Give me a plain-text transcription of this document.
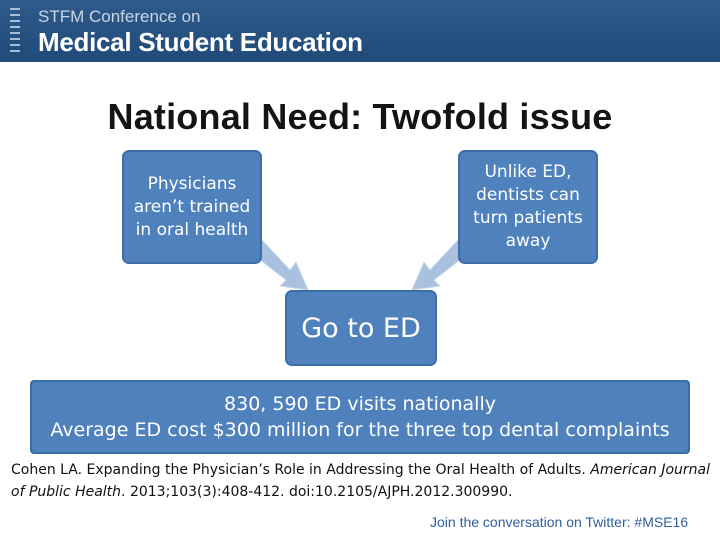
STFM Conference on
Medical Student Education
National Need: Twofold issue
Physicians aren’t trained in oral health
Unlike ED, dentists can turn patients away
Go to ED
830, 590 ED visits nationally
Average ED cost $300 million for the three top dental complaints
Cohen LA. Expanding the Physician’s Role in Addressing the Oral Health of Adults. American Journal of Public Health. 2013;103(3):408-412. doi:10.2105/AJPH.2012.300990.
Join the conversation on Twitter: #MSE16
